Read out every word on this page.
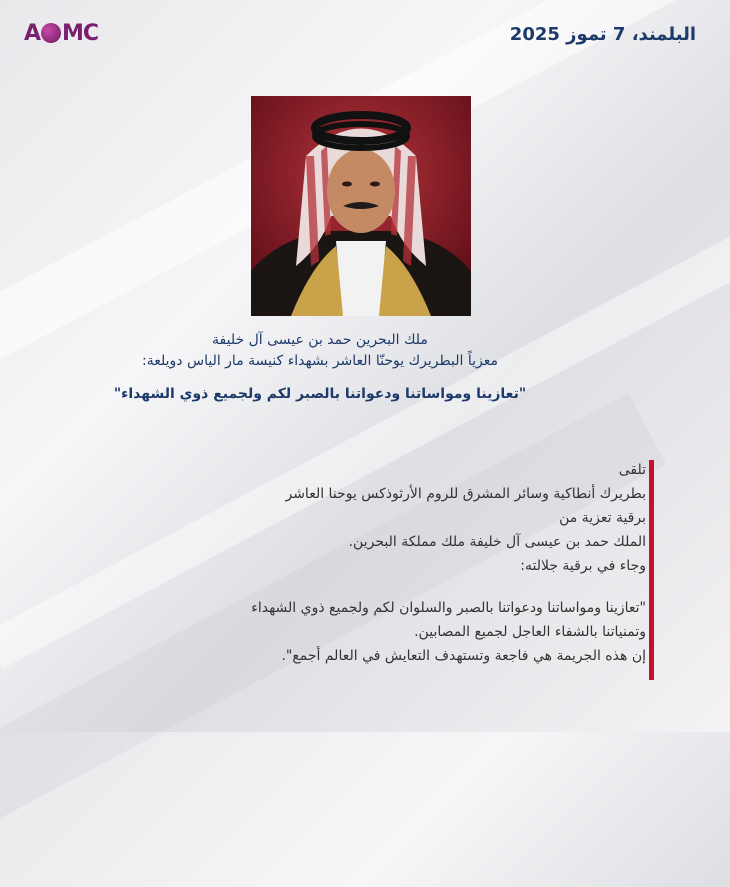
A MC	البلمند، 7 تموز 2025
ملك البحرين حمد بن عيسى آل خليفة
معزياً البطريرك يوحنّا العاشر بشهداء كنيسة مار الياس دويلعة:
"تعازينا ومواساتنا ودعواتنا بالصبر لكم ولجميع ذوي الشهداء"
تلقى
بطريرك أنطاكية وسائر المشرق للروم الأرثوذكس يوحنا العاشر
برقية تعزية من
الملك حمد بن عيسى آل خليفة ملك مملكة البحرين.
وجاء في برقية جلالته:
"تعازينا ومواساتنا ودعواتنا بالصبر والسلوان لكم ولجميع ذوي الشهداء
وتمنياتنا بالشفاء العاجل لجميع المصابين.
إن هذه الجريمة هي فاجعة وتستهدف التعايش في العالم أجمع".
